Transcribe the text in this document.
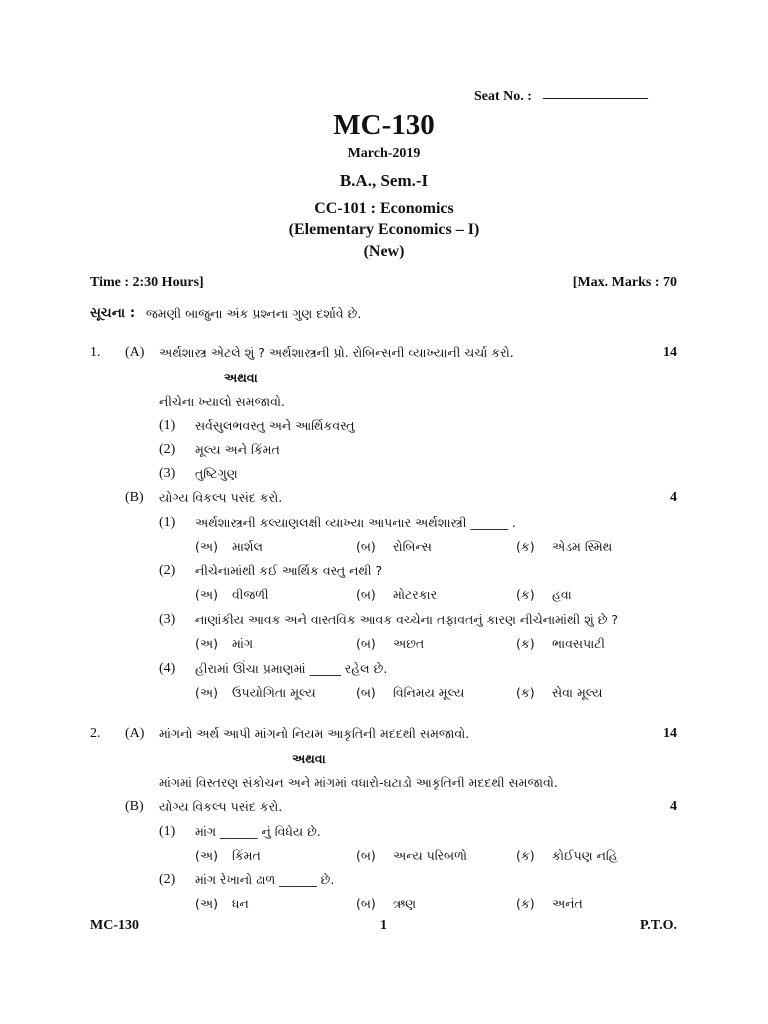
Seat No. : _______________
MC-130
March-2019
B.A., Sem.-I
CC-101 : Economics
(Elementary Economics – I)
(New)
Time : 2:30 Hours]	[Max. Marks : 70
સૂચના : જમણી બાજુના અંક પ્રશ્નના ગુણ દર્શાવે છે.
1. (A) અર્થશાસ્ત્ર એટલે શું ? અર્થશાસ્ત્રની પ્રો. રોબિન્સની વ્યાખ્યાની ચર્ચા કરો.	14
અથવા
નીચેના ખ્યાલો સમજાવો.
(1) સર્વસુલભવસ્તુ અને આર્થિકવસ્તુ
(2) મૂલ્ય અને કિંમત
(3) તુષ્ટિગુણ
(B) યોગ્ય વિકલ્પ પસંદ કરો.	4
(1) અર્થશાસ્ત્રની કલ્યાણલક્ષી વ્યાખ્યા આપનાર અર્થશાસ્ત્રી ______ .
(અ) માર્શલ	(બ) રોબિન્સ	(ક) એડમ સ્મિથ
(2) નીચેનામાંથી કઈ આર્થિક વસ્તુ નથી ?
(અ) વીજળી	(બ) મોટરકાર	(ક) હવા
(3) નાણાંકીય આવક અને વાસ્તવિક આવક વચ્ચેના તફાવતનું કારણ નીચેનામાંથી શું છે ?
(અ) માંગ	(બ) અછત	(ક) ભાવસપાટી
(4) હીરામાં ઊંચા પ્રમાણમાં _____ રહેલ છે.
(અ) ઉપયોગિતા મૂલ્ય	(બ) વિનિમય મૂલ્ય	(ક) સેવા મૂલ્ય
2. (A) માંગનો અર્થ આપી માંગનો નિયમ આકૃતિની મદદથી સમજાવો.	14
અથવા
માંગમાં વિસ્તરણ સંકોચન અને માંગમાં વધારો-ઘટાડો આકૃતિની મદદથી સમજાવો.
(B) યોગ્ય વિકલ્પ પસંદ કરો.	4
(1) માંગ ______ નું વિધેય છે.
(અ) કિંમત	(બ) અન્ય પરિબળો	(ક) કોઈપણ નહિ
(2) માંગ રેખાનો ઢાળ ______ છે.
(અ) ધન	(બ) ઋણ	(ક) અનંત
MC-130	1	P.T.O.
